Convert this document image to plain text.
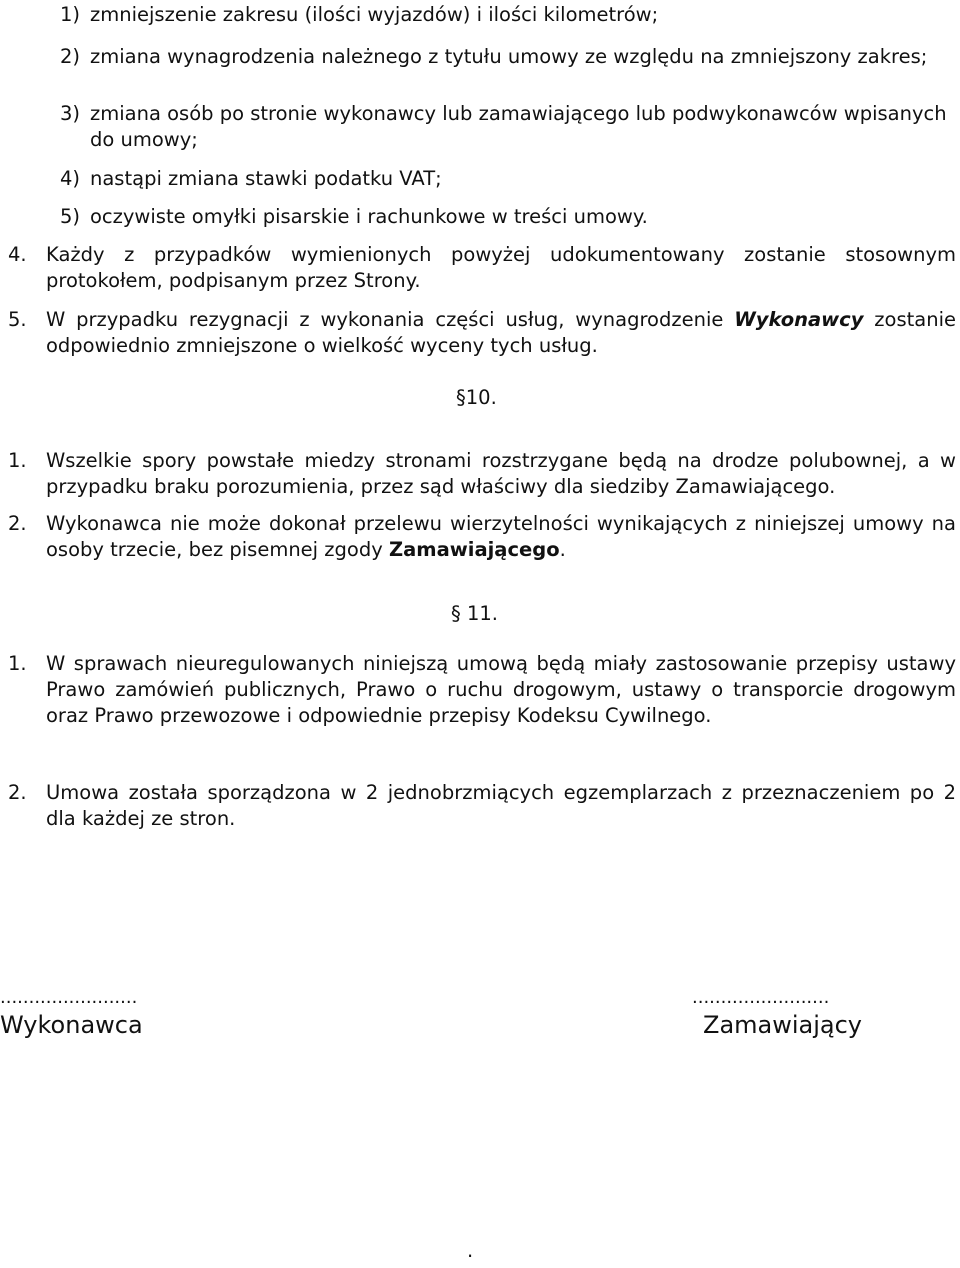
1) zmniejszenie zakresu (ilości wyjazdów) i ilości kilometrów;
2) zmiana wynagrodzenia należnego z tytułu umowy ze względu na zmniejszony zakres;
3) zmiana osób po stronie wykonawcy lub zamawiającego lub podwykonawców wpisanych do umowy;
4) nastąpi zmiana stawki podatku VAT;
5) oczywiste omyłki pisarskie i rachunkowe w treści umowy.
4. Każdy z przypadków wymienionych powyżej udokumentowany zostanie stosownym protokołem, podpisanym przez Strony.
5. W przypadku rezygnacji z wykonania części usług, wynagrodzenie Wykonawcy zostanie odpowiednio zmniejszone o wielkość wyceny tych usług.
§10.
1. Wszelkie spory powstałe miedzy stronami rozstrzygane będą na drodze polubownej, a w przypadku braku porozumienia, przez sąd właściwy dla siedziby Zamawiającego.
2. Wykonawca nie może dokonał przelewu wierzytelności wynikających z niniejszej umowy na osoby trzecie, bez pisemnej zgody Zamawiającego.
§ 11.
1. W sprawach nieuregulowanych niniejszą umową będą miały zastosowanie przepisy ustawy Prawo zamówień publicznych, Prawo o ruchu drogowym, ustawy o transporcie drogowym oraz Prawo przewozowe i odpowiednie przepisy Kodeksu Cywilnego.
2. Umowa została sporządzona w 2 jednobrzmiących egzemplarzach z przeznaczeniem po 2 dla każdej ze stron.
........................
Wykonawca
........................
Zamawiający
.
